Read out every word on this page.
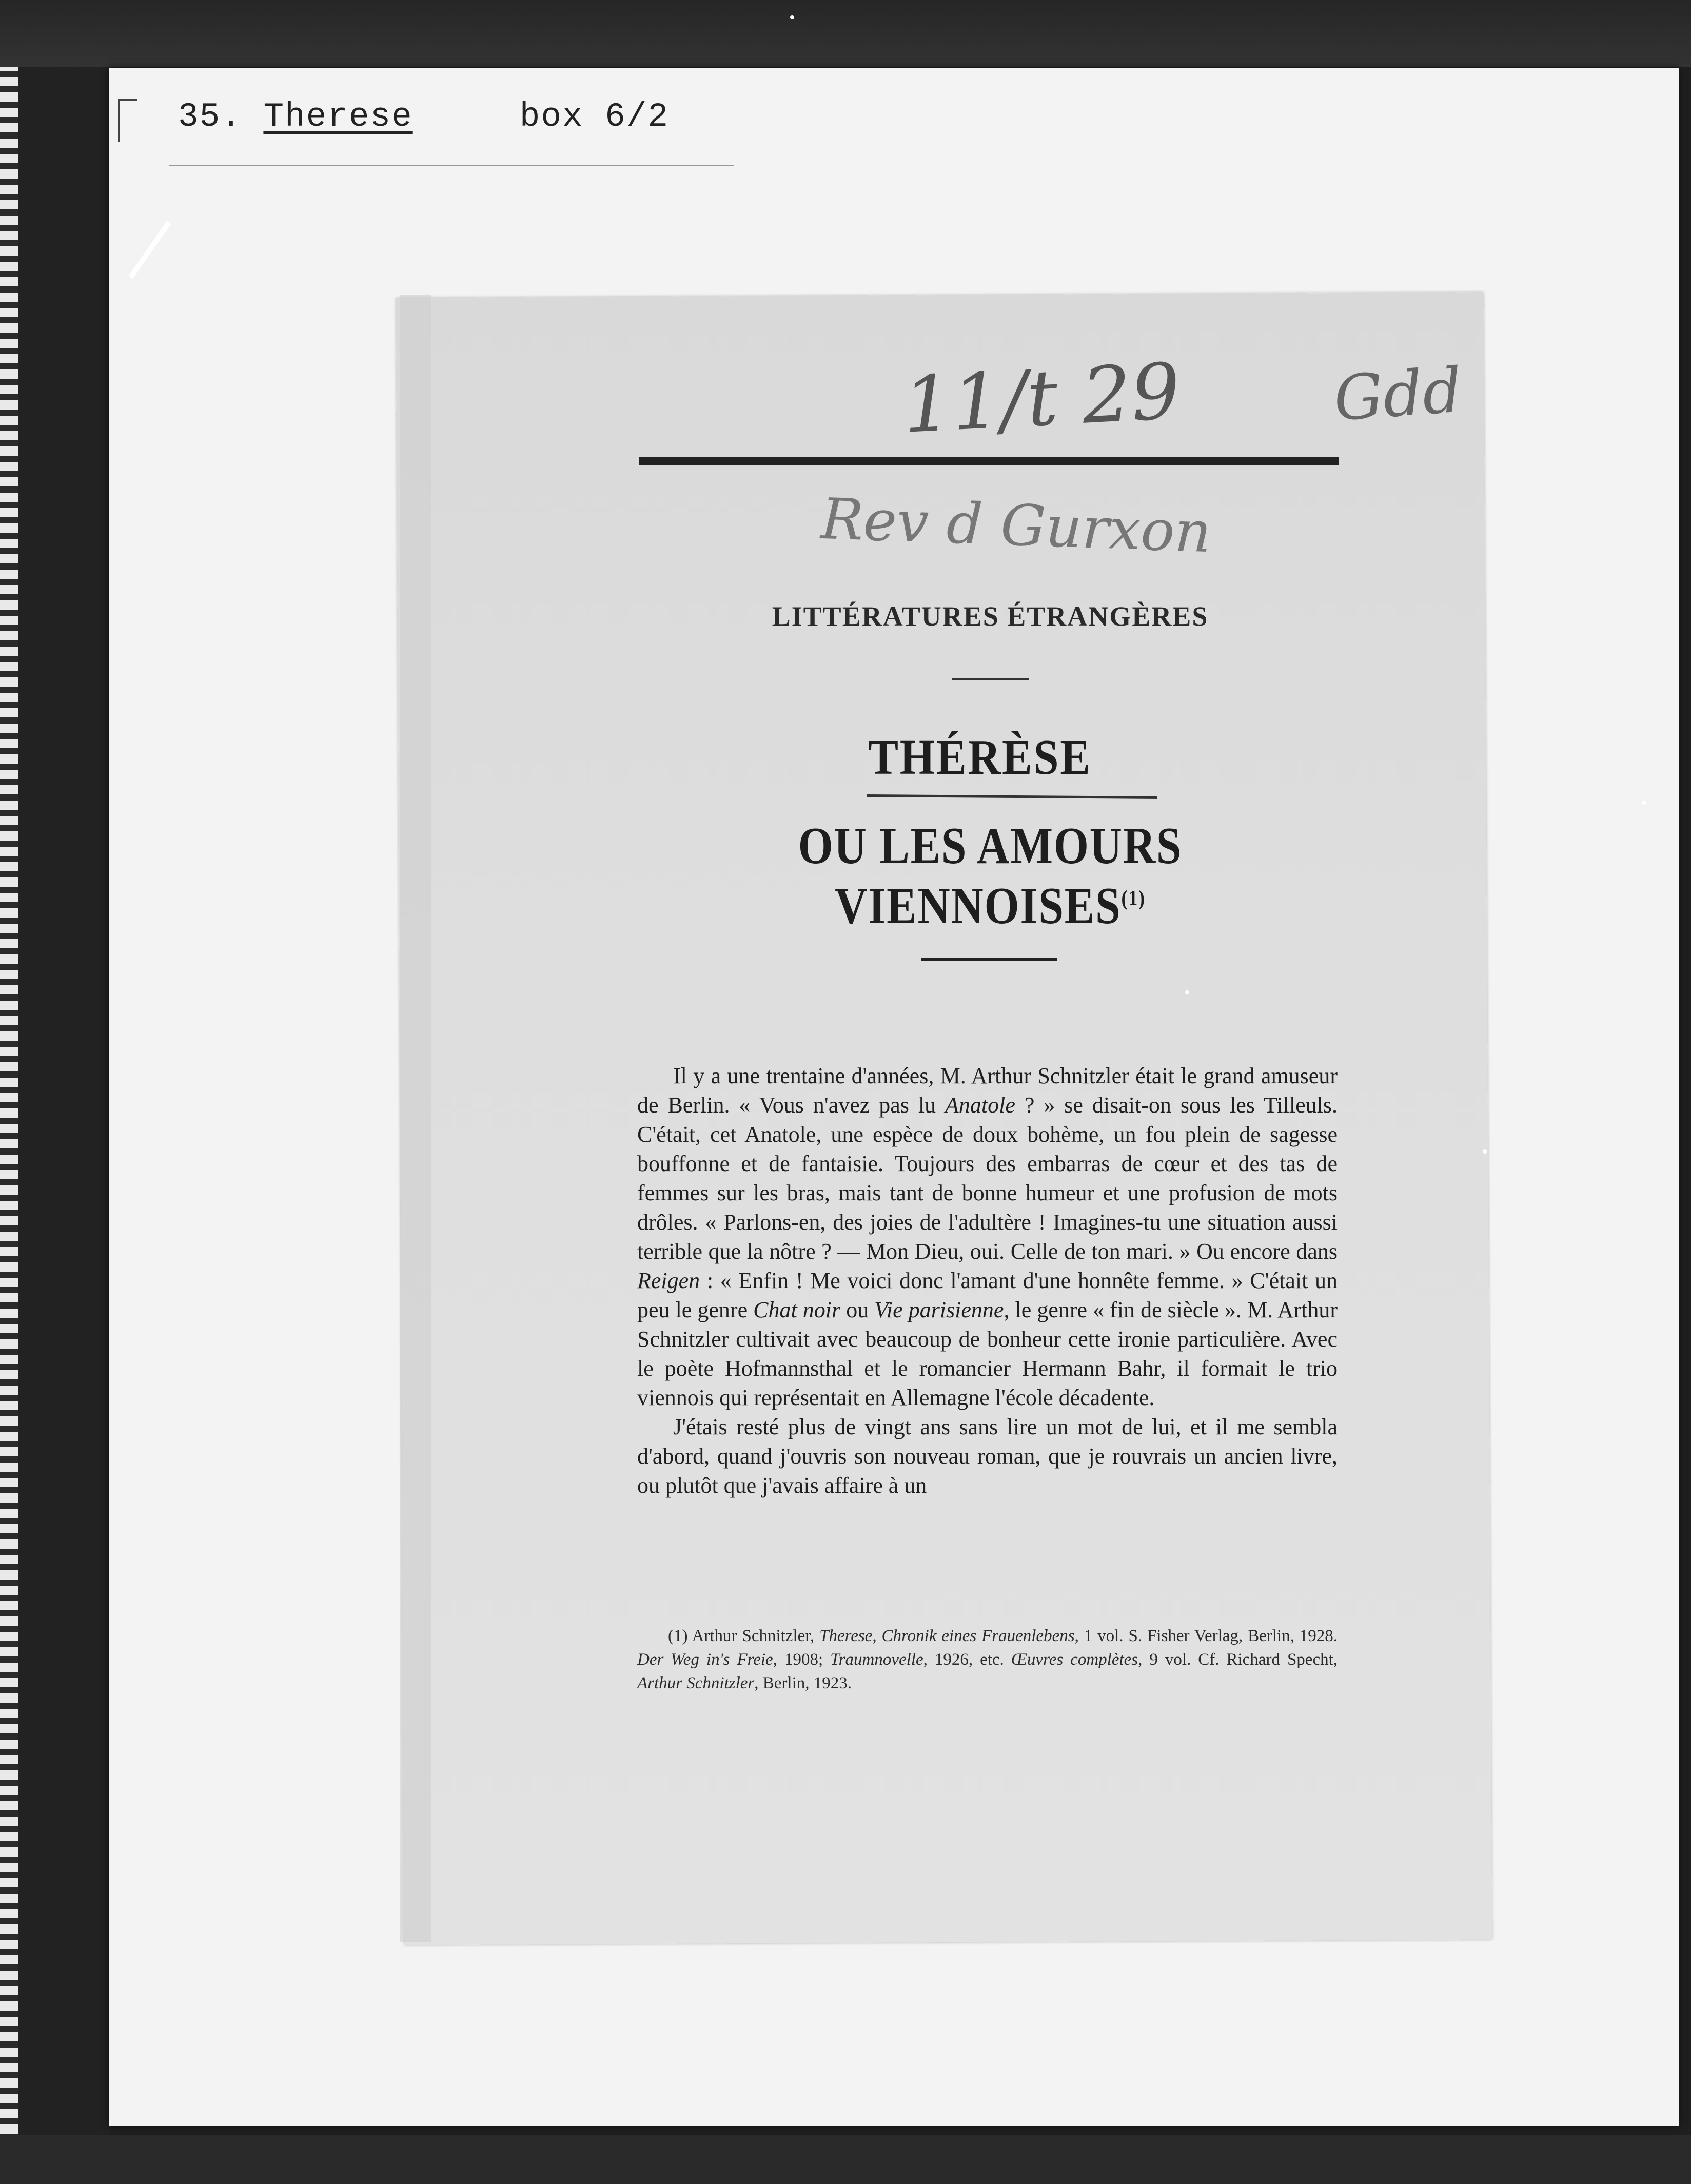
35. Therese	box 6/2
11/t 29 Gdd
Rev d Gurxon
LITTÉRATURES ÉTRANGÈRES
THÉRÈSE
OU LES AMOURS VIENNOISES$^{(1)}$

Il y a une trentaine d'années, M. Arthur Schnitzler était le grand amuseur de Berlin. « Vous n'avez pas lu Anatole ? » se disait-on sous les Tilleuls. C'était, cet Anatole, une espèce de doux bohème, un fou plein de sagesse bouffonne et de fantaisie. Toujours des embarras de cœur et des tas de femmes sur les bras, mais tant de bonne humeur et une profusion de mots drôles. « Parlons-en, des joies de l'adultère ! Imagines-tu une situation aussi terrible que la nôtre ? — Mon Dieu, oui. Celle de ton mari. » Ou encore dans Reigen : « Enfin ! Me voici donc l'amant d'une honnête femme. » C'était un peu le genre Chat noir ou Vie parisienne, le genre « fin de siècle ». M. Arthur Schnitzler cultivait avec beaucoup de bonheur cette ironie particulière. Avec le poète Hofmannsthal et le romancier Hermann Bahr, il formait le trio viennois qui représentait en Allemagne l'école décadente.

J'étais resté plus de vingt ans sans lire un mot de lui, et il me sembla d'abord, quand j'ouvris son nouveau roman, que je rouvrais un ancien livre, ou plutôt que j'avais affaire à un

(1) Arthur Schnitzler, Therese, Chronik eines Frauenlebens, 1 vol. S. Fisher Verlag, Berlin, 1928. Der Weg in's Freie, 1908; Traumnovelle, 1926, etc. Œuvres complètes, 9 vol. Cf. Richard Specht, Arthur Schnitzler, Berlin, 1923.
